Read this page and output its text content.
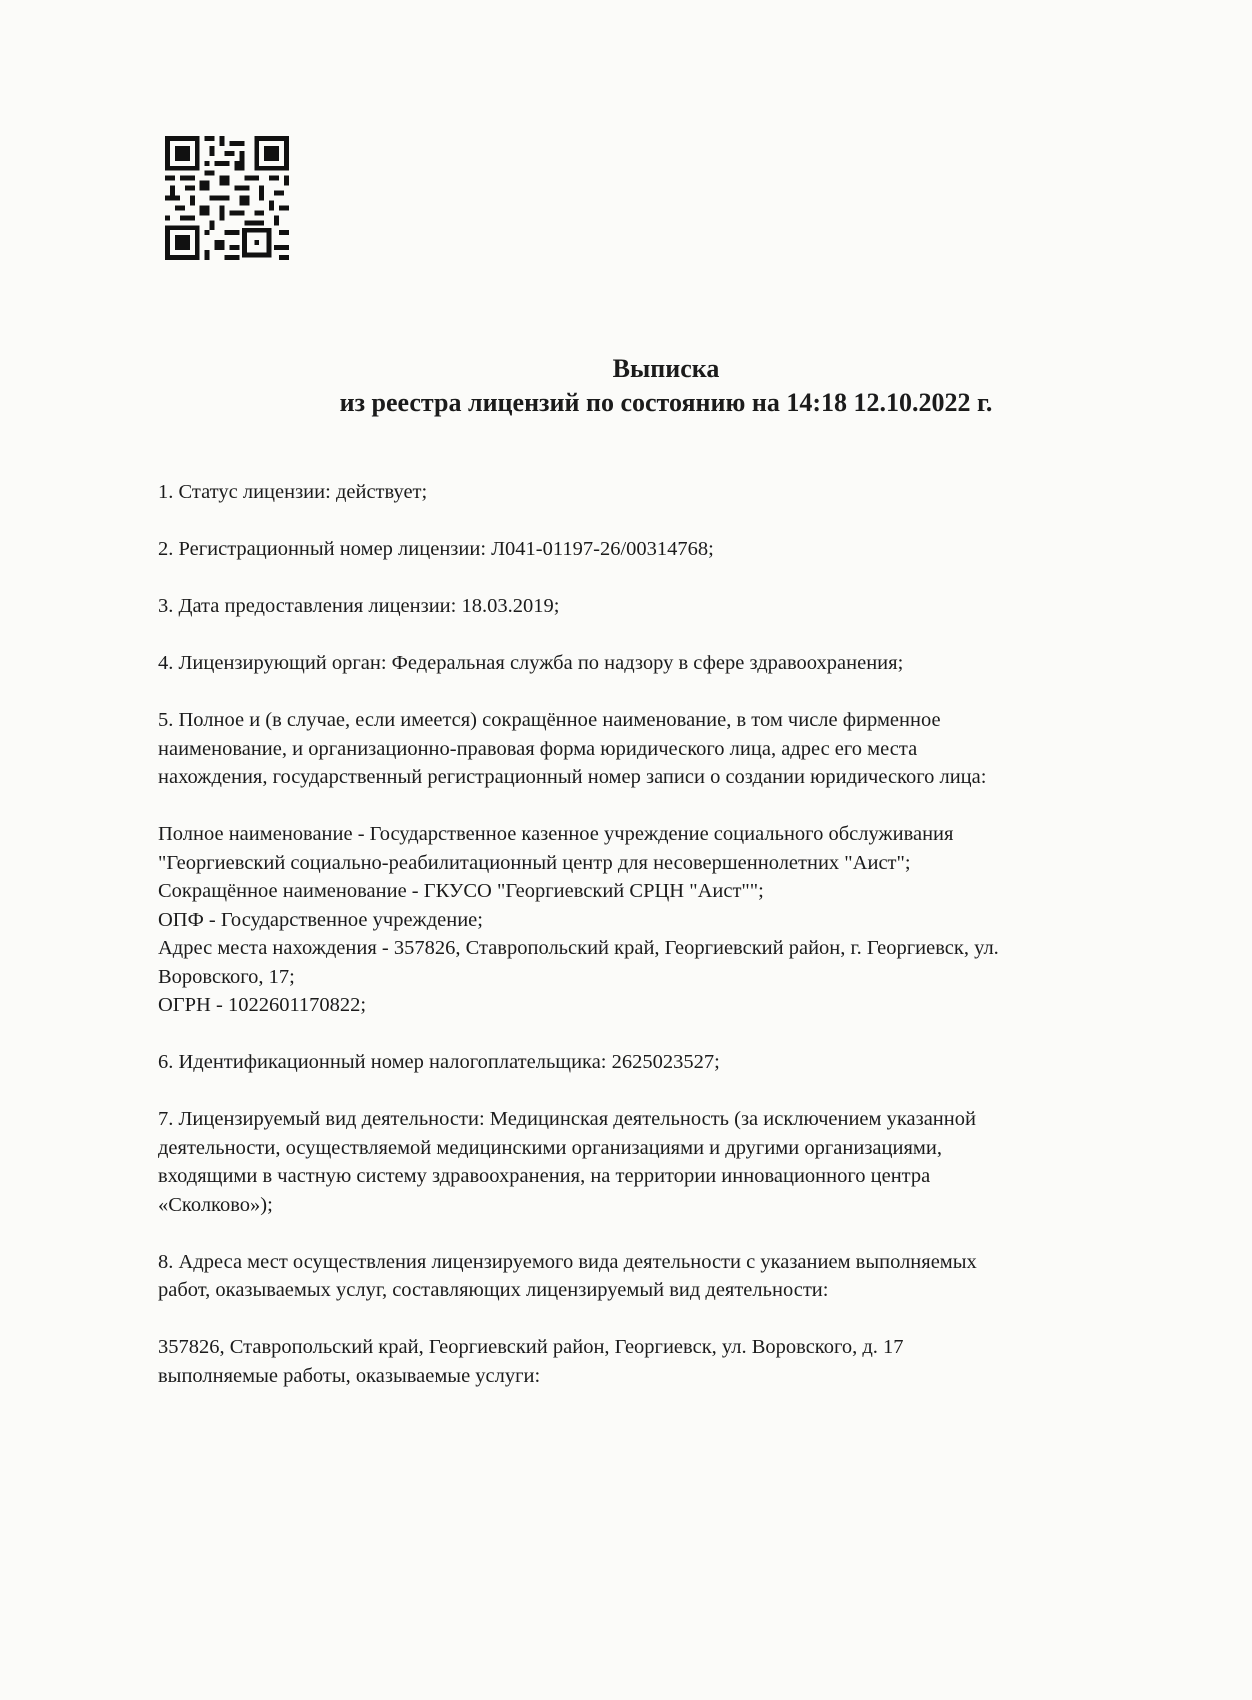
Выписка
из реестра лицензий по состоянию на 14:18 12.10.2022 г.

1. Статус лицензии: действует;

2. Регистрационный номер лицензии: Л041-01197-26/00314768;

3. Дата предоставления лицензии: 18.03.2019;

4. Лицензирующий орган: Федеральная служба по надзору в сфере здравоохранения;

5. Полное и (в случае, если имеется) сокращённое наименование, в том числе фирменное

наименование, и организационно-правовая форма юридического лица, адрес его места

нахождения, государственный регистрационный номер записи о создании юридического лица:

Полное наименование - Государственное казенное учреждение социального обслуживания

"Георгиевский социально-реабилитационный центр для несовершеннолетних "Аист";

Сокращённое наименование - ГКУСО "Георгиевский СРЦН "Аист"";

ОПФ - Государственное учреждение;

Адрес места нахождения - 357826, Ставропольский край, Георгиевский район, г. Георгиевск, ул.

Воровского, 17;

ОГРН - 1022601170822;

6. Идентификационный номер налогоплательщика: 2625023527;

7. Лицензируемый вид деятельности: Медицинская деятельность (за исключением указанной

деятельности, осуществляемой медицинскими организациями и другими организациями,

входящими в частную систему здравоохранения, на территории инновационного центра

«Сколково»);

8. Адреса мест осуществления лицензируемого вида деятельности с указанием выполняемых

работ, оказываемых услуг, составляющих лицензируемый вид деятельности:

357826, Ставропольский край, Георгиевский район, Георгиевск, ул. Воровского, д. 17

выполняемые работы, оказываемые услуги:
